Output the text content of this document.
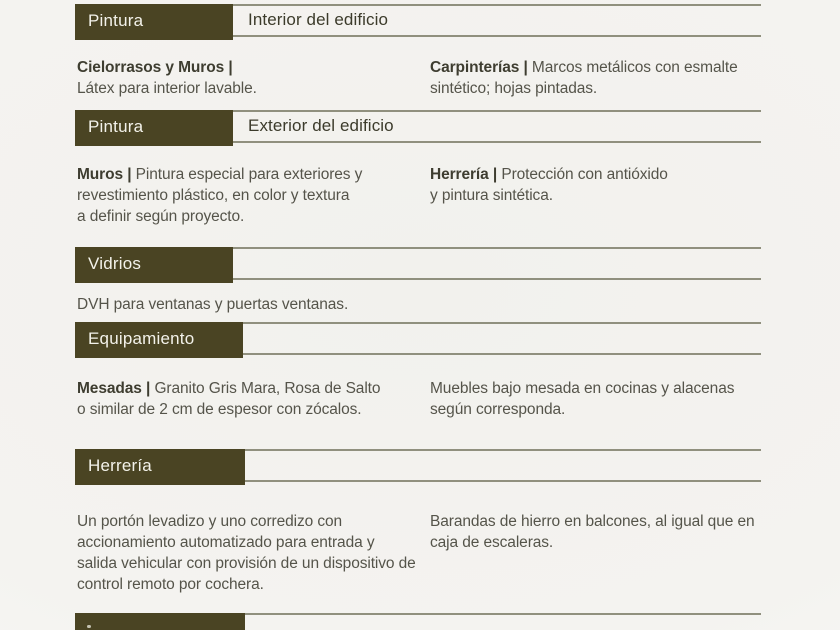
Pintura	Interior del edificio
Cielorrasos y Muros |
Látex para interior lavable.
Carpinterías | Marcos metálicos con esmalte
sintético; hojas pintadas.
Pintura	Exterior del edificio
Muros | Pintura especial para exteriores y
revestimiento plástico, en color y textura
a definir según proyecto.
Herrería | Protección con antióxido
y pintura sintética.
Vidrios
DVH para ventanas y puertas ventanas.
Equipamiento
Mesadas | Granito Gris Mara, Rosa de Salto
o similar de 2 cm de espesor con zócalos.
Muebles bajo mesada en cocinas y alacenas
según corresponda.
Herrería
Un portón levadizo y uno corredizo con
accionamiento automatizado para entrada y
salida vehicular con provisión de un dispositivo de
control remoto por cochera.
Barandas de hierro en balcones, al igual que en
caja de escaleras.
